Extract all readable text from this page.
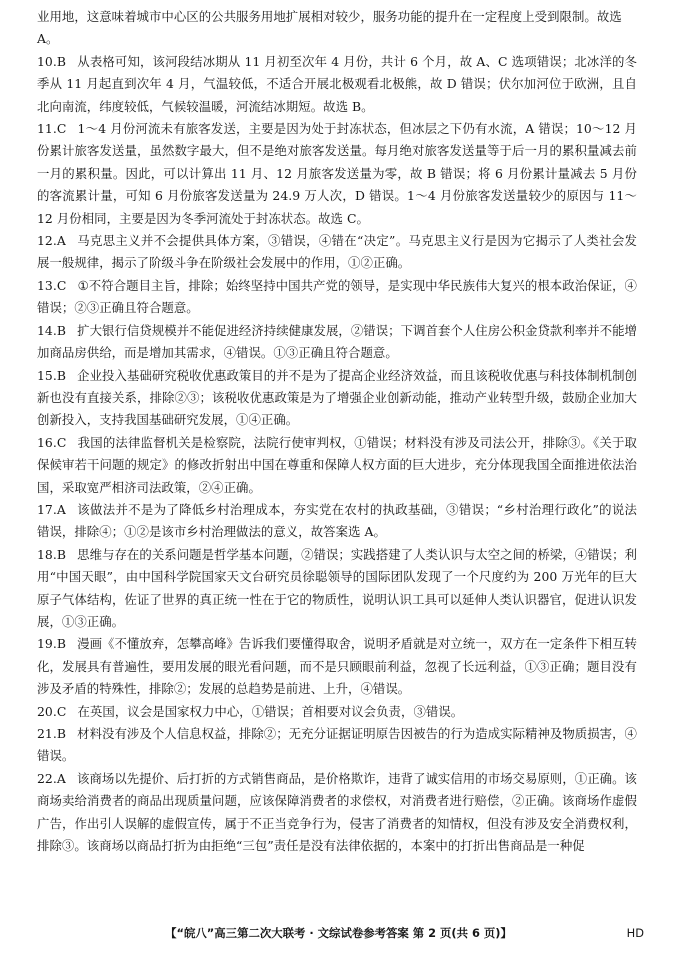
业用地，这意味着城市中心区的公共服务用地扩展相对较少，服务功能的提升在一定程度上受到限制。故选

A。

10.B 从表格可知，该河段结冰期从 11 月初至次年 4 月份，共计 6 个月，故 A、C 选项错误；北冰洋的冬季从 11 月起直到次年 4 月，气温较低，不适合开展北极观看北极熊，故 D 错误；伏尔加河位于欧洲，且自北向南流，纬度较低，气候较温暖，河流结冰期短。故选 B。

11.C 1～4 月份河流未有旅客发送，主要是因为处于封冻状态，但冰层之下仍有水流，A 错误；10～12 月份累计旅客发送量，虽然数字最大，但不是绝对旅客发送量。每月绝对旅客发送量等于后一月的累积量减去前一月的累积量。因此，可以计算出 11 月、12 月旅客发送量为零，故 B 错误；将 6 月份累计量减去 5 月份的客流累计量，可知 6 月份旅客发送量为 24.9 万人次，D 错误。1～4 月份旅客发送量较少的原因与 11～12 月份相同，主要是因为冬季河流处于封冻状态。故选 C。

12.A 马克思主义并不会提供具体方案，③错误，④错在“决定”。马克思主义行是因为它揭示了人类社会发展一般规律，揭示了阶级斗争在阶级社会发展中的作用，①②正确。

13.C ①不符合题目主旨，排除；始终坚持中国共产党的领导，是实现中华民族伟大复兴的根本政治保证，④错误；②③正确且符合题意。

14.B 扩大银行信贷规模并不能促进经济持续健康发展，②错误；下调首套个人住房公积金贷款利率并不能增加商品房供给，而是增加其需求，④错误。①③正确且符合题意。

15.B 企业投入基础研究税收优惠政策目的并不是为了提高企业经济效益，而且该税收优惠与科技体制机制创新也没有直接关系，排除②③；该税收优惠政策是为了增强企业创新动能，推动产业转型升级，鼓励企业加大创新投入，支持我国基础研究发展，①④正确。

16.C 我国的法律监督机关是检察院，法院行使审判权，①错误；材料没有涉及司法公开，排除③。《关于取保候审若干问题的规定》的修改折射出中国在尊重和保障人权方面的巨大进步，充分体现我国全面推进依法治国，采取宽严相济司法政策，②④正确。

17.A 该做法并不是为了降低乡村治理成本，夯实党在农村的执政基础，③错误；“乡村治理行政化”的说法错误，排除④；①②是该市乡村治理做法的意义，故答案选 A。

18.B 思维与存在的关系问题是哲学基本问题，②错误；实践搭建了人类认识与太空之间的桥梁，④错误；利用“中国天眼”，由中国科学院国家天文台研究员徐聪领导的国际团队发现了一个尺度约为 200 万光年的巨大原子气体结构，佐证了世界的真正统一性在于它的物质性，说明认识工具可以延伸人类认识器官，促进认识发展，①③正确。

19.B 漫画《不懂放弃，怎攀高峰》告诉我们要懂得取舍，说明矛盾就是对立统一，双方在一定条件下相互转化，发展具有普遍性，要用发展的眼光看问题，而不是只顾眼前利益，忽视了长远利益，①③正确；题目没有涉及矛盾的特殊性，排除②；发展的总趋势是前进、上升，④错误。

20.C 在英国，议会是国家权力中心，①错误；首相要对议会负责，③错误。

21.B 材料没有涉及个人信息权益，排除②；无充分证据证明原告因被告的行为造成实际精神及物质损害，④错误。

22.A 该商场以先提价、后打折的方式销售商品，是价格欺诈，违背了诚实信用的市场交易原则，①正确。该商场卖给消费者的商品出现质量问题，应该保障消费者的求偿权，对消费者进行赔偿，②正确。该商场作虚假广告，作出引人误解的虚假宣传，属于不正当竞争行为，侵害了消费者的知情权，但没有涉及安全消费权利，排除③。该商场以商品打折为由拒绝“三包”责任是没有法律依据的，本案中的打折出售商品是一种促

【“皖八”高三第二次大联考 · 文综试卷参考答案 第 2 页(共 6 页)】	HD
